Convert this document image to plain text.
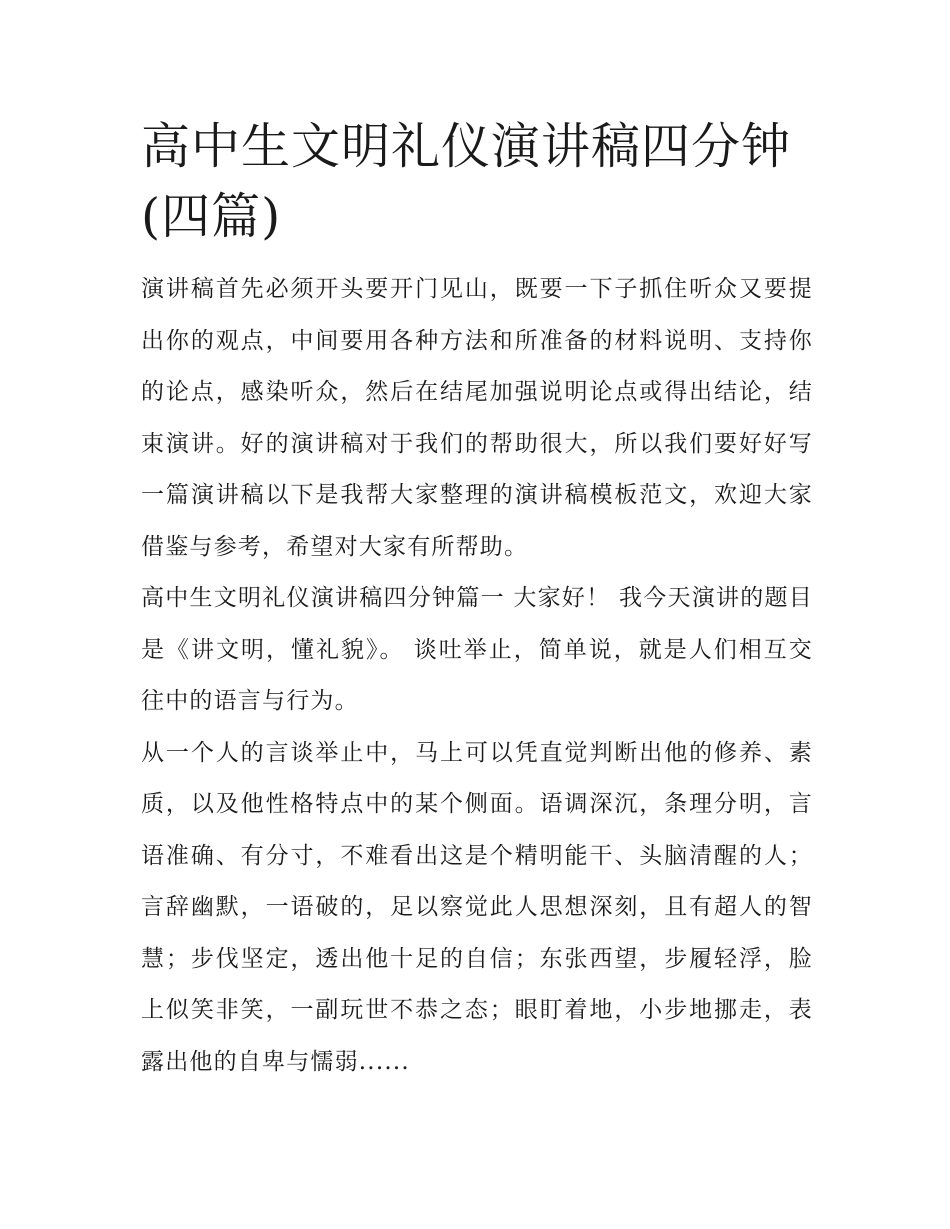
高中生文明礼仪演讲稿四分钟(四篇)

演讲稿首先必须开头要开门见山，既要一下子抓住听众又要提出你的观点，中间要用各种方法和所准备的材料说明、支持你的论点，感染听众，然后在结尾加强说明论点或得出结论，结束演讲。好的演讲稿对于我们的帮助很大，所以我们要好好写一篇演讲稿以下是我帮大家整理的演讲稿模板范文，欢迎大家借鉴与参考，希望对大家有所帮助。

高中生文明礼仪演讲稿四分钟篇一 大家好！ 我今天演讲的题目是《讲文明，懂礼貌》。 谈吐举止，简单说，就是人们相互交往中的语言与行为。

从一个人的言谈举止中，马上可以凭直觉判断出他的修养、素质，以及他性格特点中的某个侧面。语调深沉，条理分明，言语准确、有分寸，不难看出这是个精明能干、头脑清醒的人；言辞幽默，一语破的，足以察觉此人思想深刻，且有超人的智慧；步伐坚定，透出他十足的自信；东张西望，步履轻浮，脸上似笑非笑，一副玩世不恭之态；眼盯着地，小步地挪走，表露出他的自卑与懦弱......
